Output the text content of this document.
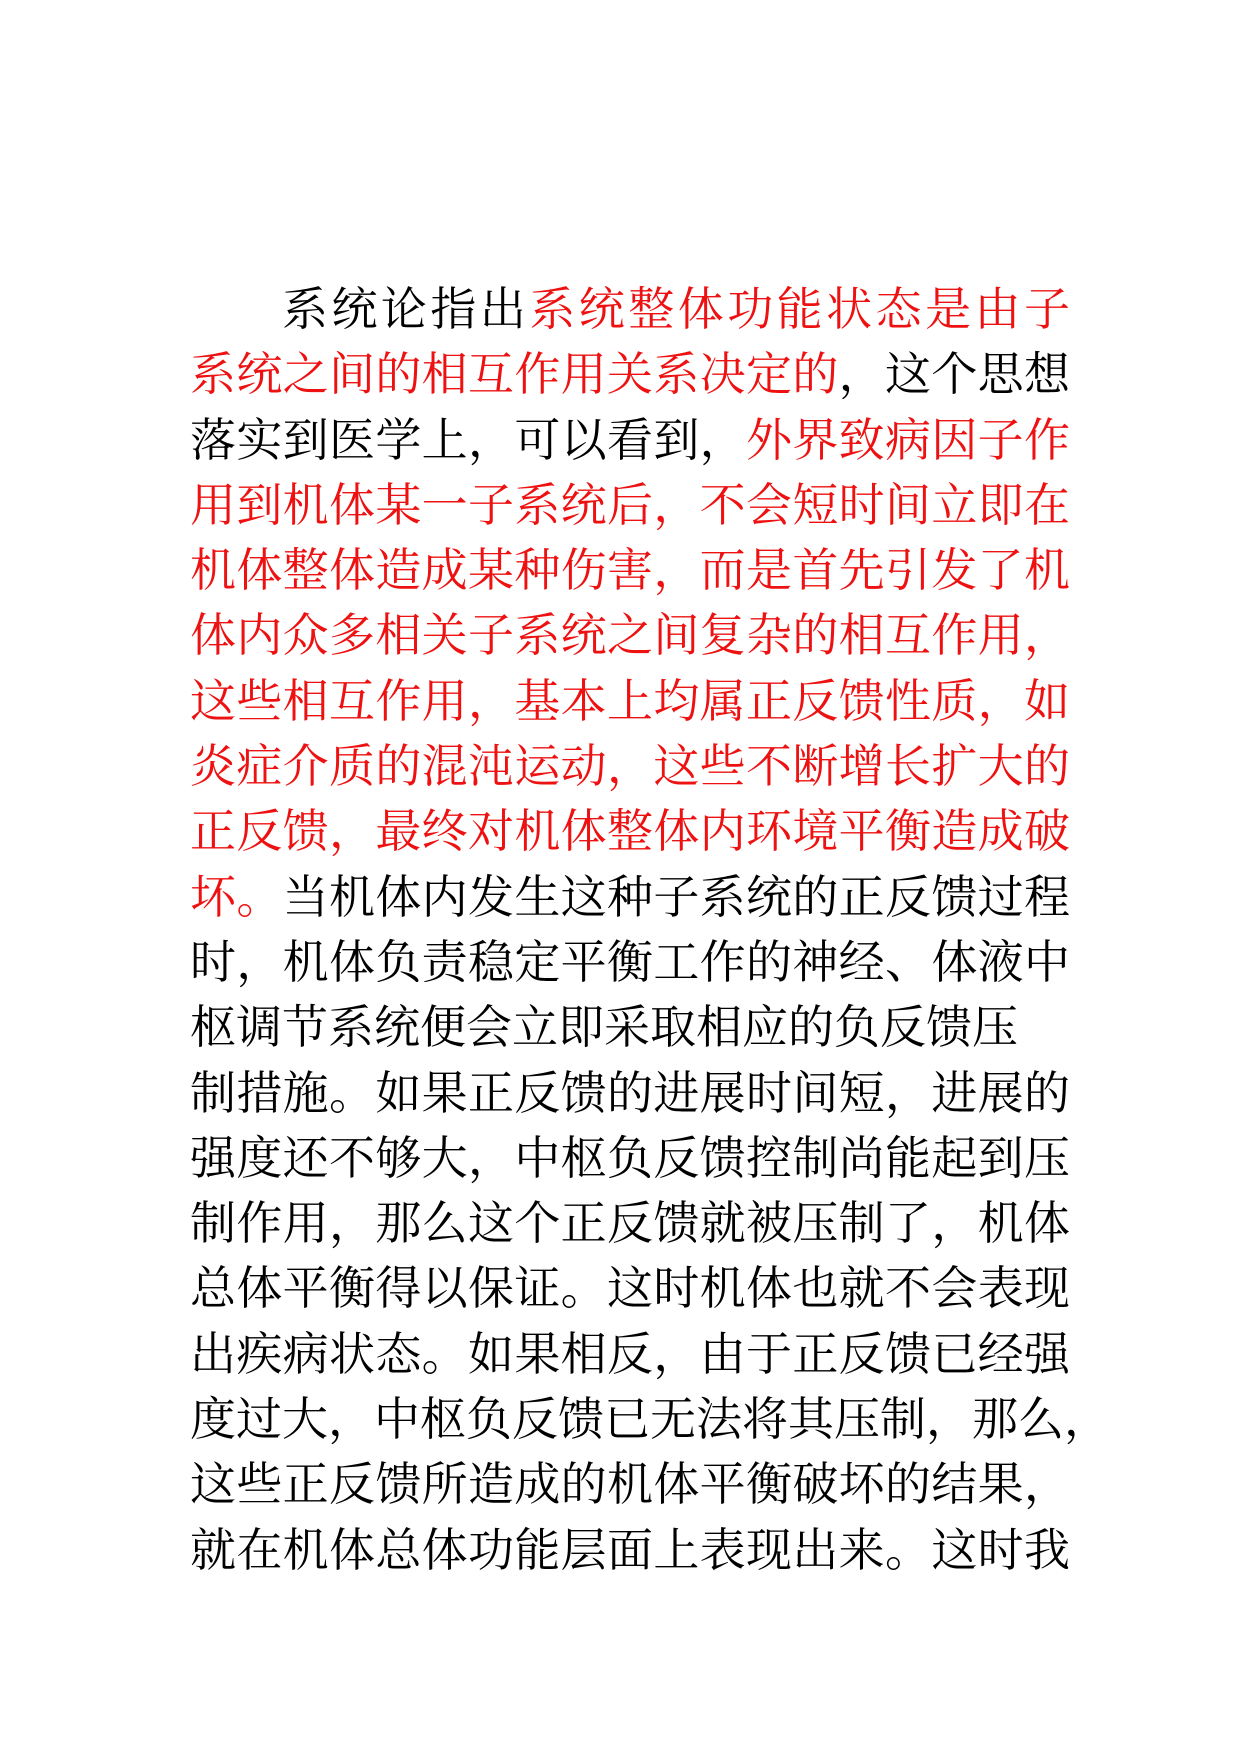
系统论指出系统整体功能状态是由子
系统之间的相互作用关系决定的，这个思想
落实到医学上，可以看到，外界致病因子作
用到机体某一子系统后，不会短时间立即在
机体整体造成某种伤害，而是首先引发了机
体内众多相关子系统之间复杂的相互作用，
这些相互作用，基本上均属正反馈性质，如
炎症介质的混沌运动，这些不断增长扩大的
正反馈，最终对机体整体内环境平衡造成破
坏。当机体内发生这种子系统的正反馈过程
时，机体负责稳定平衡工作的神经、体液中
枢调节系统便会立即采取相应的负反馈压
制措施。如果正反馈的进展时间短，进展的
强度还不够大，中枢负反馈控制尚能起到压
制作用，那么这个正反馈就被压制了，机体
总体平衡得以保证。这时机体也就不会表现
出疾病状态。如果相反，由于正反馈已经强
度过大，中枢负反馈已无法将其压制，那么，
这些正反馈所造成的机体平衡破坏的结果，
就在机体总体功能层面上表现出来。这时我
